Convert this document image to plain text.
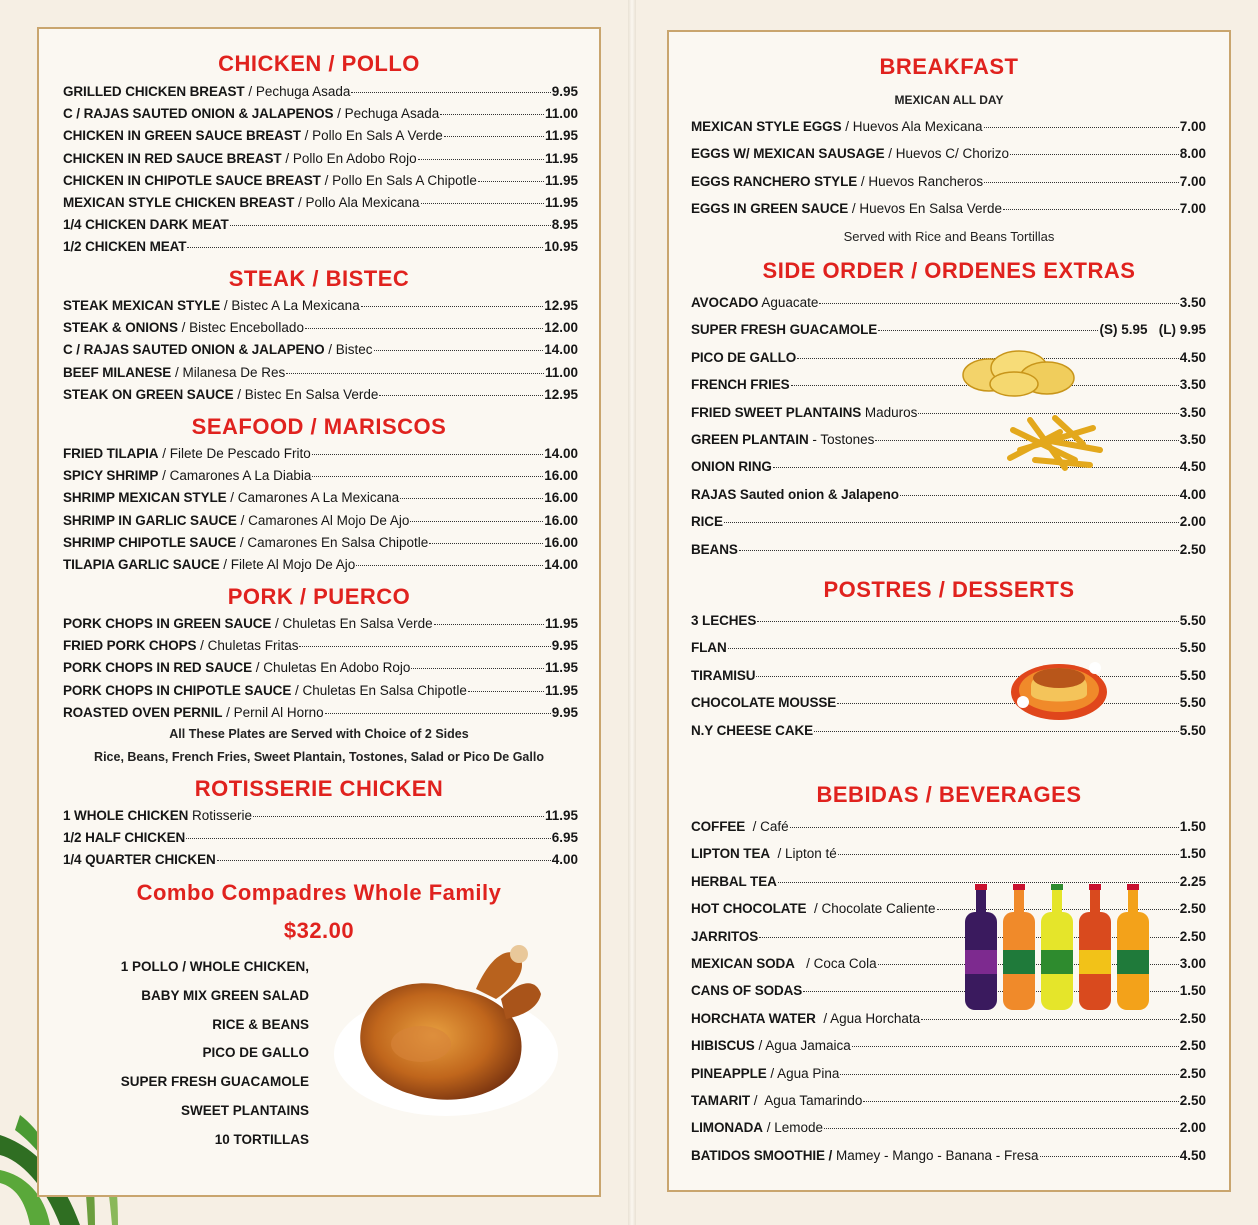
CHICKEN / POLLO
GRILLED CHICKEN BREAST / Pechuga Asada	9.95
C / RAJAS SAUTED ONION & JALAPENOS / Pechuga Asada	11.00
CHICKEN IN GREEN SAUCE BREAST / Pollo En Sals A Verde	11.95
CHICKEN IN RED SAUCE BREAST / Pollo En Adobo Rojo	11.95
CHICKEN IN CHIPOTLE SAUCE BREAST / Pollo En Sals A Chipotle	11.95
MEXICAN STYLE CHICKEN BREAST / Pollo Ala Mexicana	11.95
1/4 CHICKEN DARK MEAT	8.95
1/2 CHICKEN MEAT	10.95
STEAK / BISTEC
STEAK MEXICAN STYLE / Bistec A La Mexicana	12.95
STEAK & ONIONS / Bistec Encebollado	12.00
C / RAJAS SAUTED ONION & JALAPENO / Bistec	14.00
BEEF MILANESE / Milanesa De Res	11.00
STEAK ON GREEN SAUCE / Bistec En Salsa Verde	12.95
SEAFOOD / MARISCOS
FRIED TILAPIA / Filete De Pescado Frito	14.00
SPICY SHRIMP / Camarones A La Diabia	16.00
SHRIMP MEXICAN STYLE / Camarones A La Mexicana	16.00
SHRIMP IN GARLIC SAUCE / Camarones Al Mojo De Ajo	16.00
SHRIMP CHIPOTLE SAUCE / Camarones En Salsa Chipotle	16.00
TILAPIA GARLIC SAUCE / Filete Al Mojo De Ajo	14.00
PORK / PUERCO
PORK CHOPS IN GREEN SAUCE / Chuletas En Salsa Verde	11.95
FRIED PORK CHOPS / Chuletas Fritas	9.95
PORK CHOPS IN RED SAUCE / Chuletas En Adobo Rojo	11.95
PORK CHOPS IN CHIPOTLE SAUCE / Chuletas En Salsa Chipotle	11.95
ROASTED OVEN PERNIL / Pernil Al Horno	9.95

All These Plates are Served with Choice of 2 Sides

Rice, Beans, French Fries, Sweet Plantain, Tostones, Salad or Pico De Gallo

ROTISSERIE CHICKEN
1 WHOLE CHICKEN Rotisserie	11.95
1/2 HALF CHICKEN	6.95
1/4 QUARTER CHICKEN	4.00
Combo Compadres Whole Family
$32.00
1 POLLO / WHOLE CHICKEN,
BABY MIX GREEN SALAD
RICE & BEANS
PICO DE GALLO
SUPER FRESH GUACAMOLE
SWEET PLANTAINS
10 TORTILLAS
BREAKFAST

MEXICAN ALL DAY

MEXICAN STYLE EGGS / Huevos Ala Mexicana	7.00
EGGS W/ MEXICAN SAUSAGE / Huevos C/ Chorizo	8.00
EGGS RANCHERO STYLE / Huevos Rancheros	7.00
EGGS IN GREEN SAUCE / Huevos En Salsa Verde	7.00

Served with Rice and Beans Tortillas

SIDE ORDER / ORDENES EXTRAS
AVOCADO Aguacate	3.50
SUPER FRESH GUACAMOLE	(S) 5.95   (L) 9.95
PICO DE GALLO	4.50
FRENCH FRIES	3.50
FRIED SWEET PLANTAINS Maduros	3.50
GREEN PLANTAIN - Tostones	3.50
ONION RING	4.50
RAJAS Sauted onion & Jalapeno	4.00
RICE	2.00
BEANS	2.50
POSTRES / DESSERTS
3 LECHES	5.50
FLAN	5.50
TIRAMISU	5.50
CHOCOLATE MOUSSE	5.50
N.Y CHEESE CAKE	5.50
BEBIDAS / BEVERAGES
COFFEE / Café	1.50
LIPTON TEA / Lipton té	1.50
HERBAL TEA	2.25
HOT CHOCOLATE / Chocolate Caliente	2.50
JARRITOS	2.50
MEXICAN SODA / Coca Cola	3.00
CANS OF SODAS	1.50
HORCHATA WATER / Agua Horchata	2.50
HIBISCUS / Agua Jamaica	2.50
PINEAPPLE / Agua Pina	2.50
TAMARIT /  Agua Tamarindo	2.50
LIMONADA / Lemode	2.00
BATIDOS SMOOTHIE / Mamey - Mango - Banana - Fresa	4.50
